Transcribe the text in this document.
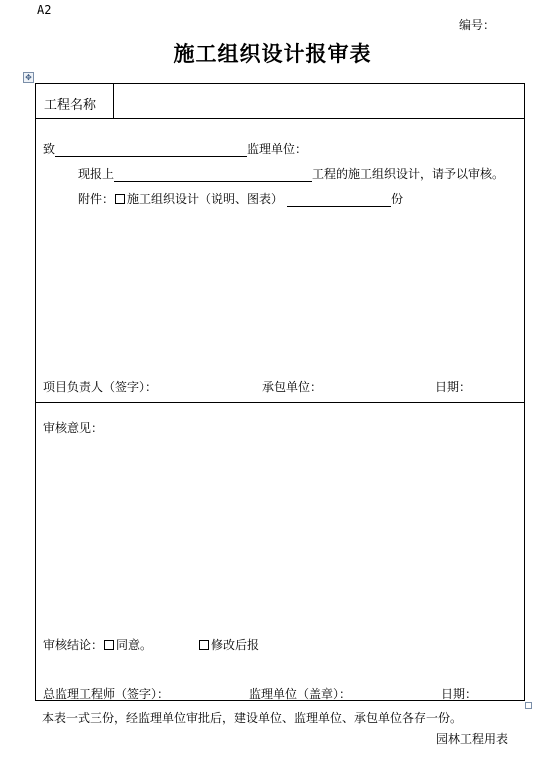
A2
编号：
施工组织设计报审表
✥
工程名称
致	监理单位：
现报上	工程的施工组织设计，请予以审核。
附件： 施工组织设计（说明、图表）	份
项目负责人（签字）：	承包单位：	日期：
审核意见：
审核结论： 同意。	修改后报
总监理工程师（签字）：	监理单位（盖章）：	日期：
本表一式三份，经监理单位审批后，建设单位、监理单位、承包单位各存一份。
园林工程用表
